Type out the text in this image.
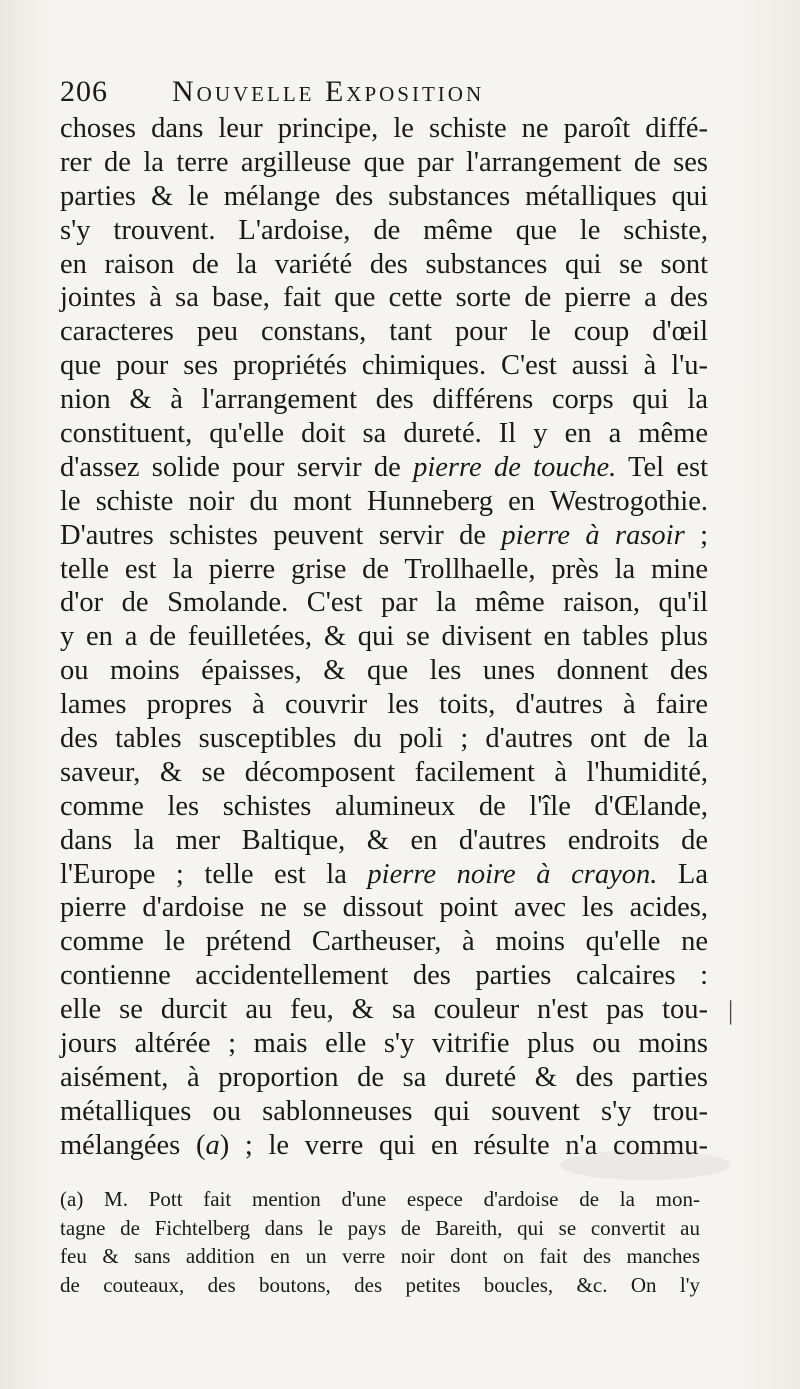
206 Nouvelle Exposition
choses dans leur principe, le schiste ne paroît diffé-
rer de la terre argilleuse que par l'arrangement de ses
parties & le mélange des substances métalliques qui
s'y trouvent. L'ardoise, de même que le schiste,
en raison de la variété des substances qui se sont
jointes à sa base, fait que cette sorte de pierre a des
caracteres peu constans, tant pour le coup d'œil
que pour ses propriétés chimiques. C'est aussi à l'u-
nion & à l'arrangement des différens corps qui la
constituent, qu'elle doit sa dureté. Il y en a même
d'assez solide pour servir de pierre de touche. Tel est
le schiste noir du mont Hunneberg en Westrogothie.
D'autres schistes peuvent servir de pierre à rasoir ;
telle est la pierre grise de Trollhaelle, près la mine
d'or de Smolande. C'est par la même raison, qu'il
y en a de feuilletées, & qui se divisent en tables plus
ou moins épaisses, & que les unes donnent des
lames propres à couvrir les toits, d'autres à faire
des tables susceptibles du poli ; d'autres ont de la
saveur, & se décomposent facilement à l'humidité,
comme les schistes alumineux de l'île d'Œlande,
dans la mer Baltique, & en d'autres endroits de
l'Europe ; telle est la pierre noire à crayon. La
pierre d'ardoise ne se dissout point avec les acides,
comme le prétend Cartheuser, à moins qu'elle ne
contienne accidentellement des parties calcaires :
elle se durcit au feu, & sa couleur n'est pas tou-
jours altérée ; mais elle s'y vitrifie plus ou moins
aisément, à proportion de sa dureté & des parties
métalliques ou sablonneuses qui souvent s'y trou-
mélangées (a) ; le verre qui en résulte n'a commu-
(a) M. Pott fait mention d'une espece d'ardoise de la mon-
tagne de Fichtelberg dans le pays de Bareith, qui se convertit au
feu & sans addition en un verre noir dont on fait des manches
de couteaux, des boutons, des petites boucles, &c. On l'y
|
